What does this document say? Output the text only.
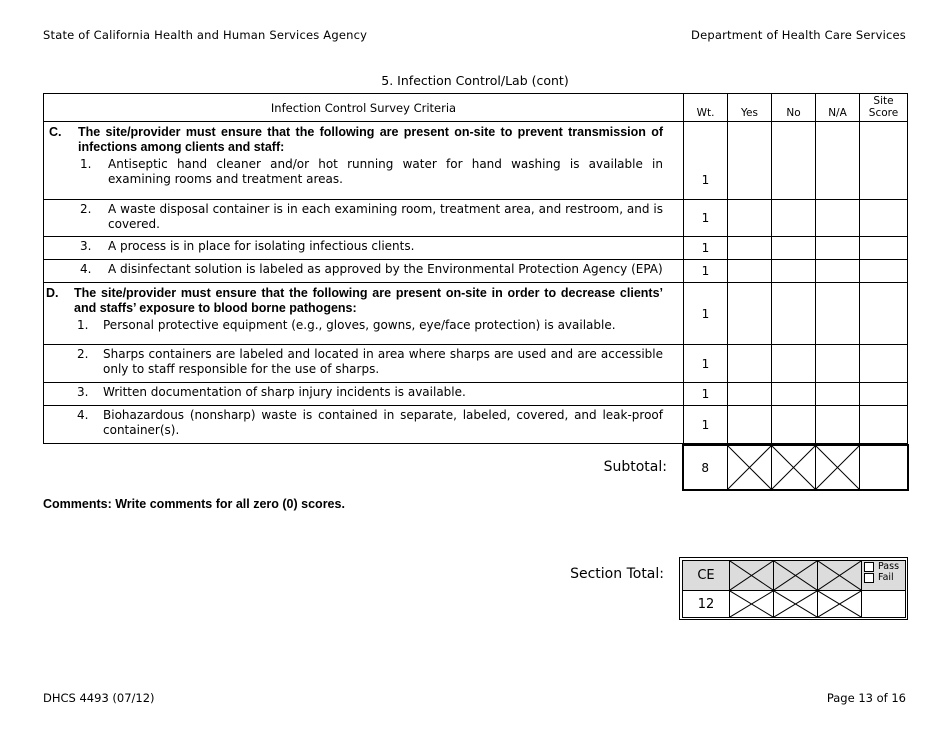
State of California Health and Human Services Agency	Department of Health Care Services
5. Infection Control/Lab (cont)
Infection Control Survey Criteria	Wt.	Yes	No	N/A	Site Score

C. The site/provider must ensure that the following are present on-site to prevent transmission of infections among clients and staff:
1. Antiseptic hand cleaner and/or hot running water for hand washing is available in examining rooms and treatment areas.	1				

2. A waste disposal container is in each examining room, treatment area, and restroom, and is covered.	1				

3. A process is in place for isolating infectious clients.	1				

4. A disinfectant solution is labeled as approved by the Environmental Protection Agency (EPA)	1				

D. The site/provider must ensure that the following are present on-site in order to decrease clients’ and staffs’ exposure to blood borne pathogens:
1. Personal protective equipment (e.g., gloves, gowns, eye/face protection) is available.	1				

2. Sharps containers are labeled and located in area where sharps are used and are accessible only to staff responsible for the use of sharps.	1				

3. Written documentation of sharp injury incidents is available.	1				

4. Biohazardous (nonsharp) waste is contained in separate, labeled, covered, and leak-proof container(s).	1				
Subtotal:	8	

Comments: Write comments for all zero (0) scores.
Section Total:	CE				Pass
Fail

12	

DHCS 4493 (07/12)	Page 13 of 16
